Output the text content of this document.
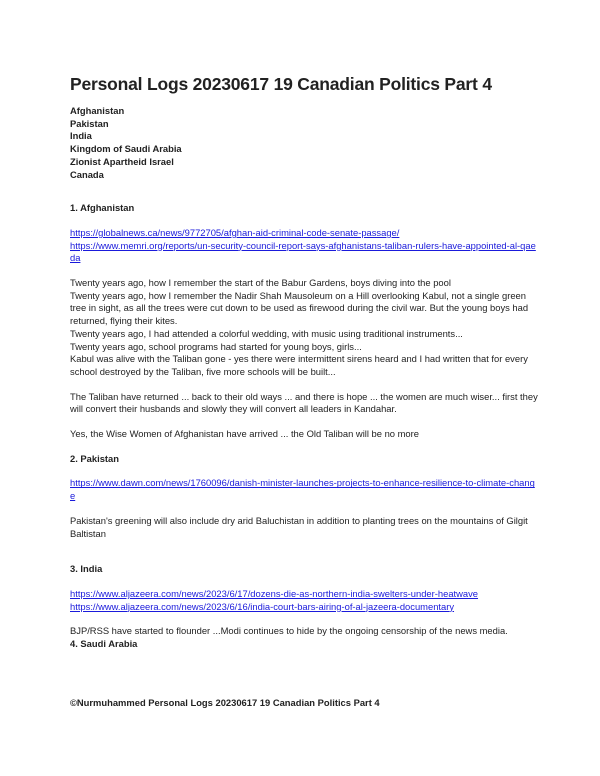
Personal Logs 20230617 19 Canadian Politics Part 4
Afghanistan
Pakistan
India
Kingdom of Saudi Arabia
Zionist Apartheid Israel
Canada
1. Afghanistan
https://globalnews.ca/news/9772705/afghan-aid-criminal-code-senate-passage/
https://www.memri.org/reports/un-security-council-report-says-afghanistans-taliban-rulers-have-appointed-al-qaeda
Twenty years ago, how I remember the start of the Babur Gardens, boys diving into the pool
Twenty years ago, how I remember the Nadir Shah Mausoleum on a Hill overlooking Kabul, not a single green tree in sight, as all the trees were cut down to be used as firewood during the civil war. But the young boys had returned, flying their kites.
Twenty years ago, I had attended a colorful wedding, with music using traditional instruments...
Twenty years ago, school programs had started for young boys, girls...
Kabul was alive with the Taliban gone - yes there were intermittent sirens heard and I had written that for every school destroyed by the Taliban, five more schools will be built...
The Taliban have returned ... back to their old ways ... and there is hope ... the women are much wiser... first they will convert their husbands and slowly they will convert all leaders in Kandahar.
Yes, the Wise Women of Afghanistan have arrived ... the Old Taliban will be no more
2. Pakistan
https://www.dawn.com/news/1760096/danish-minister-launches-projects-to-enhance-resilience-to-climate-change
Pakistan's greening will also include dry arid Baluchistan in addition to planting trees on the mountains of Gilgit Baltistan
3. India
https://www.aljazeera.com/news/2023/6/17/dozens-die-as-northern-india-swelters-under-heatwave
https://www.aljazeera.com/news/2023/6/16/india-court-bars-airing-of-al-jazeera-documentary
BJP/RSS have started to flounder ...Modi continues to hide by the ongoing censorship of the news media.
4. Saudi Arabia
©Nurmuhammed Personal Logs 20230617 19 Canadian Politics Part 4
